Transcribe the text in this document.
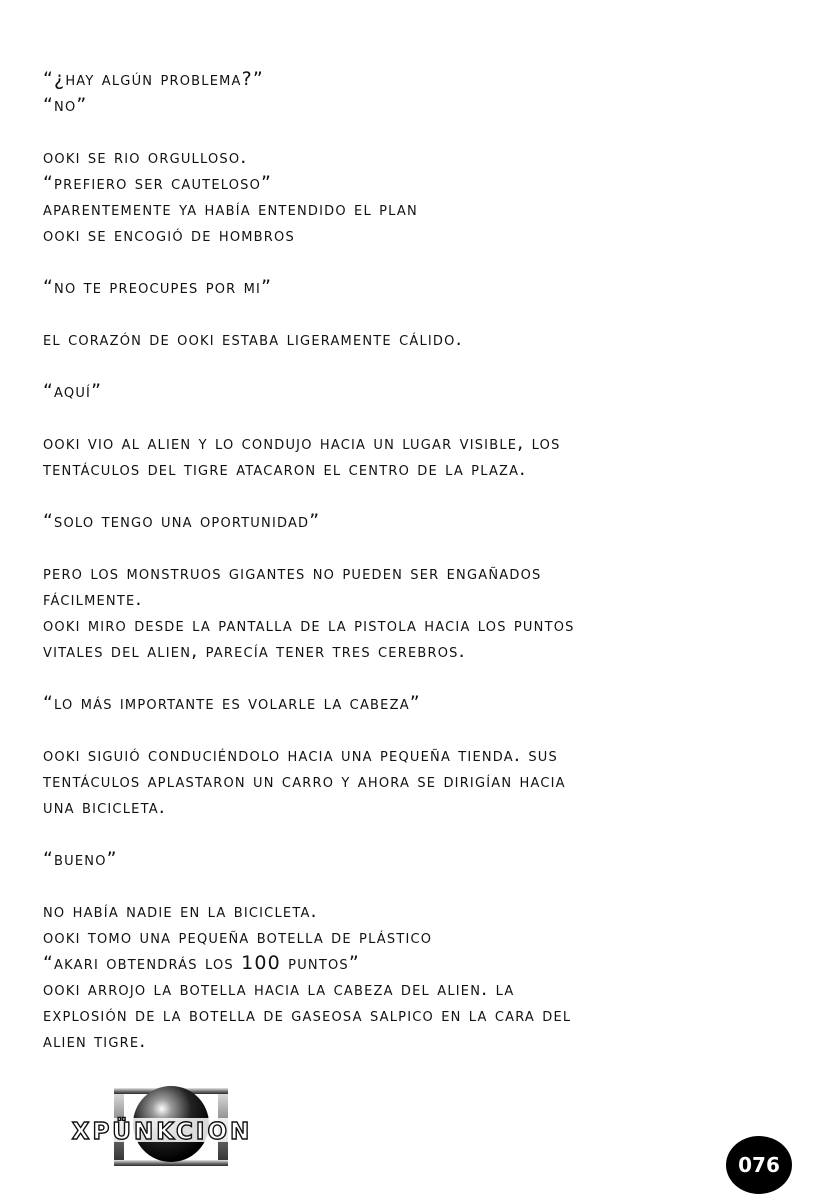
“¿hay algún problema?”
“no”
ooki se rio orgulloso.
“prefiero ser cauteloso”
aparentemente ya había entendido el plan
ooki se encogió de hombros
“no te preocupes por mi”
el corazón de ooki estaba ligeramente cálido.
“aquí”
ooki vio al alien y lo condujo hacia un lugar visible, los
tentáculos del tigre atacaron el centro de la plaza.
“solo tengo una oportunidad”
pero los monstruos gigantes no pueden ser engañados
fácilmente.
ooki miro desde la pantalla de la pistola hacia los puntos
vitales del alien, parecía tener tres cerebros.
“lo más importante es volarle la cabeza”
ooki siguió conduciéndolo hacia una pequeña tienda. sus
tentáculos aplastaron un carro y ahora se dirigían hacia
una bicicleta.
“bueno”
no había nadie en la bicicleta.
ooki tomo una pequeña botella de plástico
“akari obtendrás los 100 puntos”
ooki arrojo la botella hacia la cabeza del alien. la
explosión de la botella de gaseosa salpico en la cara del
alien tigre.
XPÜNKCION
076
